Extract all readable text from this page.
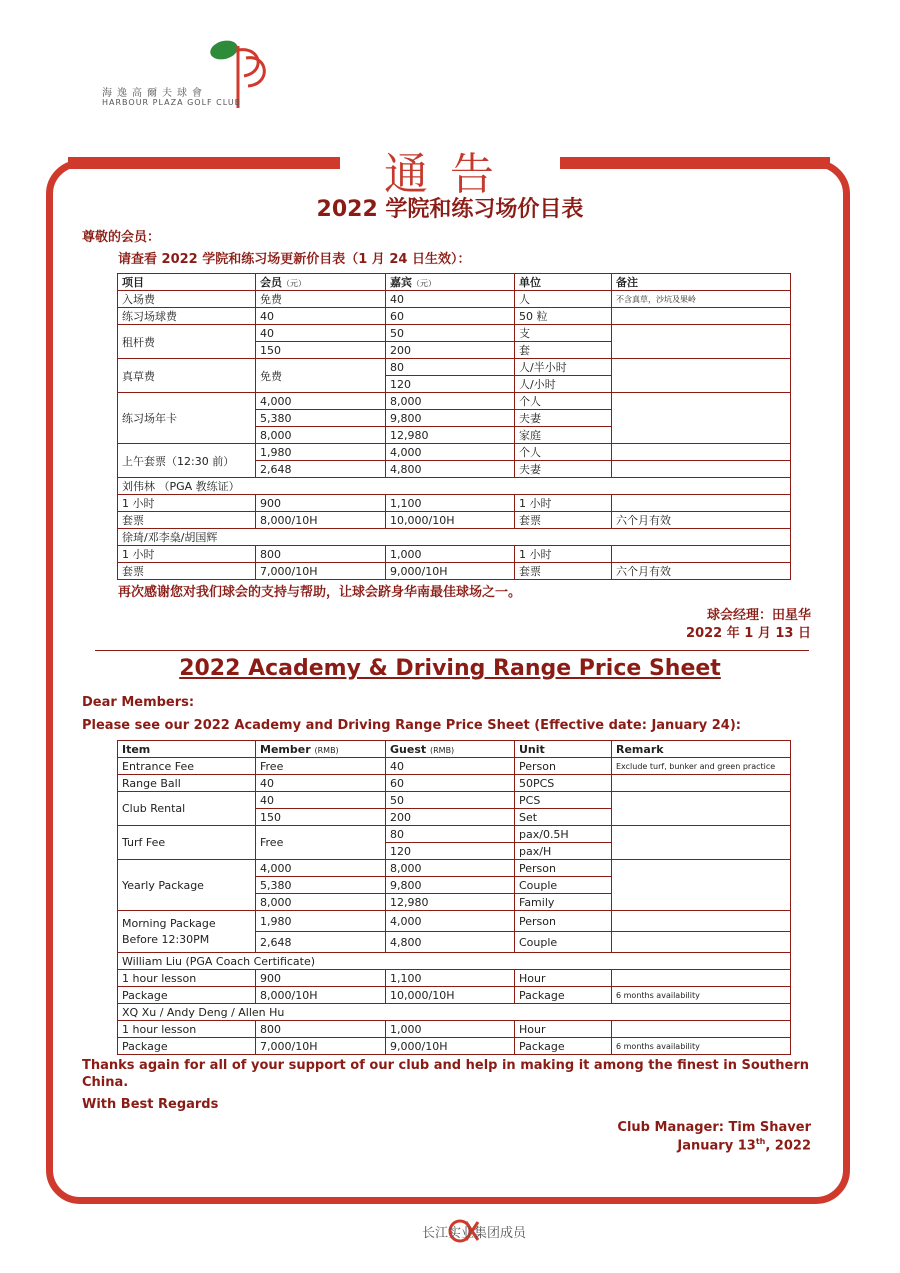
海逸高爾夫球會
HARBOUR PLAZA GOLF CLUB
通告
2022 学院和练习场价目表
尊敬的会员：
请查看 2022 学院和练习场更新价目表（1 月 24 日生效）：
项目	会员（元）	嘉宾（元）	单位	备注
入场费	免费	40	人	不含真草，沙坑及果岭
练习场球费	40	60	50 粒	
租杆费	40	50	支	
	150	200	套	
真草费	免费	80	人/半小时	
		120	人/小时	
练习场年卡	4,000	8,000	个人	
	5,380	9,800	夫妻	
	8,000	12,980	家庭	
上午套票（12:30 前）	1,980	4,000	个人	
	2,648	4,800	夫妻	
刘伟林 （PGA 教练证）				
1 小时	900	1,100	1 小时	
套票	8,000/10H	10,000/10H	套票	六个月有效
徐琦/邓李燊/胡国辉				
1 小时	800	1,000	1 小时	
套票	7,000/10H	9,000/10H	套票	六个月有效
再次感谢您对我们球会的支持与帮助，让球会跻身华南最佳球场之一。
球会经理：田星华
2022 年 1 月 13 日
2022 Academy & Driving Range Price Sheet
Dear Members:
Please see our 2022 Academy and Driving Range Price Sheet (Effective date: January 24):
Item	Member (RMB)	Guest (RMB)	Unit	Remark
Entrance Fee	Free	40	Person	Exclude turf, bunker and green practice
Range Ball	40	60	50PCS	
Club Rental	40	50	PCS	
	150	200	Set	
Turf Fee	Free	80	pax/0.5H	
		120	pax/H	
Yearly Package	4,000	8,000	Person	
	5,380	9,800	Couple	
	8,000	12,980	Family	
Morning Package
Before 12:30PM	1,980	4,000	Person	
	2,648	4,800	Couple	
William Liu (PGA Coach Certificate)				
1 hour lesson	900	1,100	Hour	
Package	8,000/10H	10,000/10H	Package	6 months availability
XQ Xu / Andy Deng / Allen Hu				
1 hour lesson	800	1,000	Hour	
Package	7,000/10H	9,000/10H	Package	6 months availability
Thanks again for all of your support of our club and help in making it among the finest in Southern China.
With Best Regards
Club Manager: Tim Shaver
January 13th, 2022
长江实业集团成员
